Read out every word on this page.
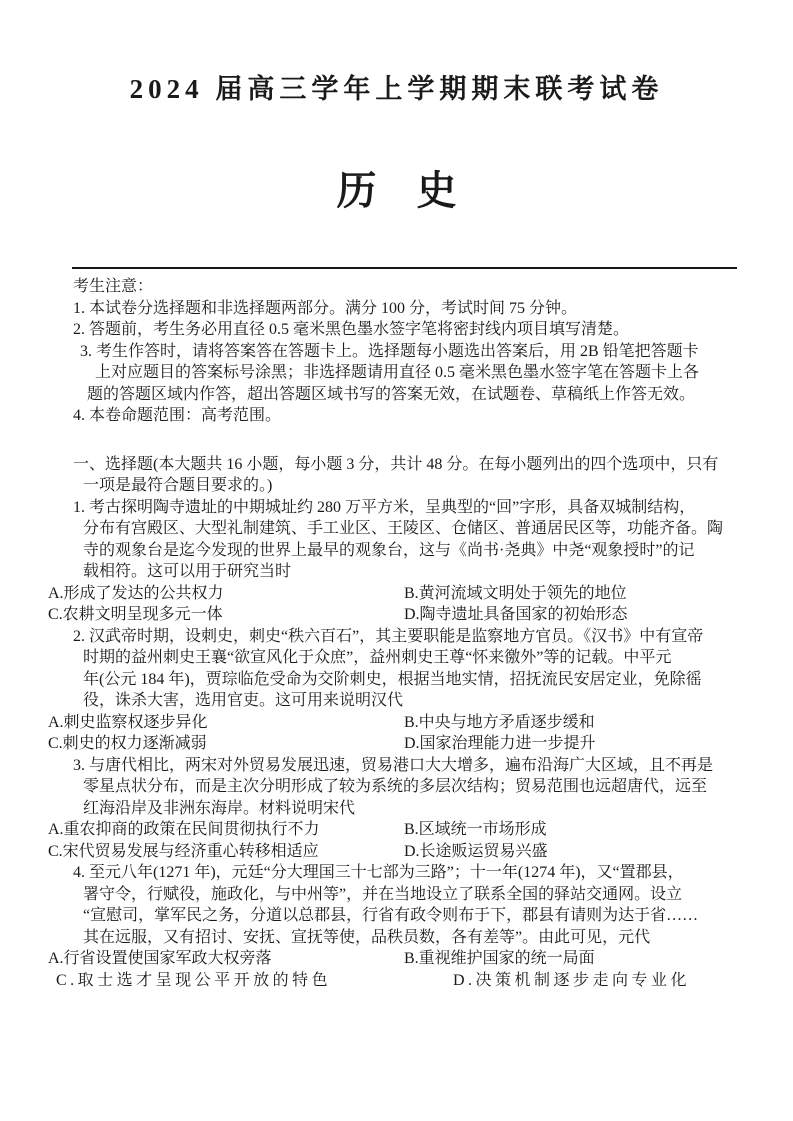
2024 届高三学年上学期期末联考试卷
历　史
考生注意：
1. 本试卷分选择题和非选择题两部分。满分 100 分，考试时间 75 分钟。
2. 答题前，考生务必用直径 0.5 毫米黑色墨水签字笔将密封线内项目填写清楚。
3. 考生作答时，请将答案答在答题卡上。选择题每小题选出答案后，用 2B 铅笔把答题卡
上对应题目的答案标号涂黑；非选择题请用直径 0.5 毫米黑色墨水签字笔在答题卡上各
题的答题区域内作答，超出答题区域书写的答案无效，在试题卷、草稿纸上作答无效。
4. 本卷命题范围：高考范围。
一、选择题(本大题共 16 小题，每小题 3 分，共计 48 分。在每小题列出的四个选项中，只有
一项是最符合题目要求的。)
1. 考古探明陶寺遗址的中期城址约 280 万平方米，呈典型的“回”字形，具备双城制结构，
分布有宫殿区、大型礼制建筑、手工业区、王陵区、仓储区、普通居民区等，功能齐备。陶
寺的观象台是迄今发现的世界上最早的观象台，这与《尚书·尧典》中尧“观象授时”的记
载相符。这可以用于研究当时
A.形成了发达的公共权力	B.黄河流域文明处于领先的地位
C.农耕文明呈现多元一体	D.陶寺遗址具备国家的初始形态
2. 汉武帝时期，设刺史，刺史“秩六百石”，其主要职能是监察地方官员。《汉书》中有宣帝
时期的益州刺史王襄“欲宣风化于众庶”，益州刺史王尊“怀来徼外”等的记载。中平元
年(公元 184 年)，贾琮临危受命为交阶刺史，根据当地实情，招抚流民安居定业，免除徭
役，诛杀大害，选用官吏。这可用来说明汉代
A.刺史监察权逐步异化	B.中央与地方矛盾逐步缓和
C.刺史的权力逐渐减弱	D.国家治理能力进一步提升
3. 与唐代相比，两宋对外贸易发展迅速，贸易港口大大增多，遍布沿海广大区域，且不再是
零星点状分布，而是主次分明形成了较为系统的多层次结构；贸易范围也远超唐代，远至
红海沿岸及非洲东海岸。材料说明宋代
A.重农抑商的政策在民间贯彻执行不力	B.区域统一市场形成
C.宋代贸易发展与经济重心转移相适应	D.长途贩运贸易兴盛
4. 至元八年(1271 年)，元廷“分大理国三十七部为三路”；十一年(1274 年)，又“置郡县，
署守令，行赋役，施政化，与中州等”，并在当地设立了联系全国的驿站交通网。设立
“宣慰司，掌军民之务，分道以总郡县，行省有政令则布于下，郡县有请则为达于省……
其在远服，又有招讨、安抚、宣抚等使，品秩员数，各有差等”。由此可见，元代
A.行省设置使国家军政大权旁落	B.重视维护国家的统一局面
C.取士选才呈现公平开放的特色	D.决策机制逐步走向专业化
